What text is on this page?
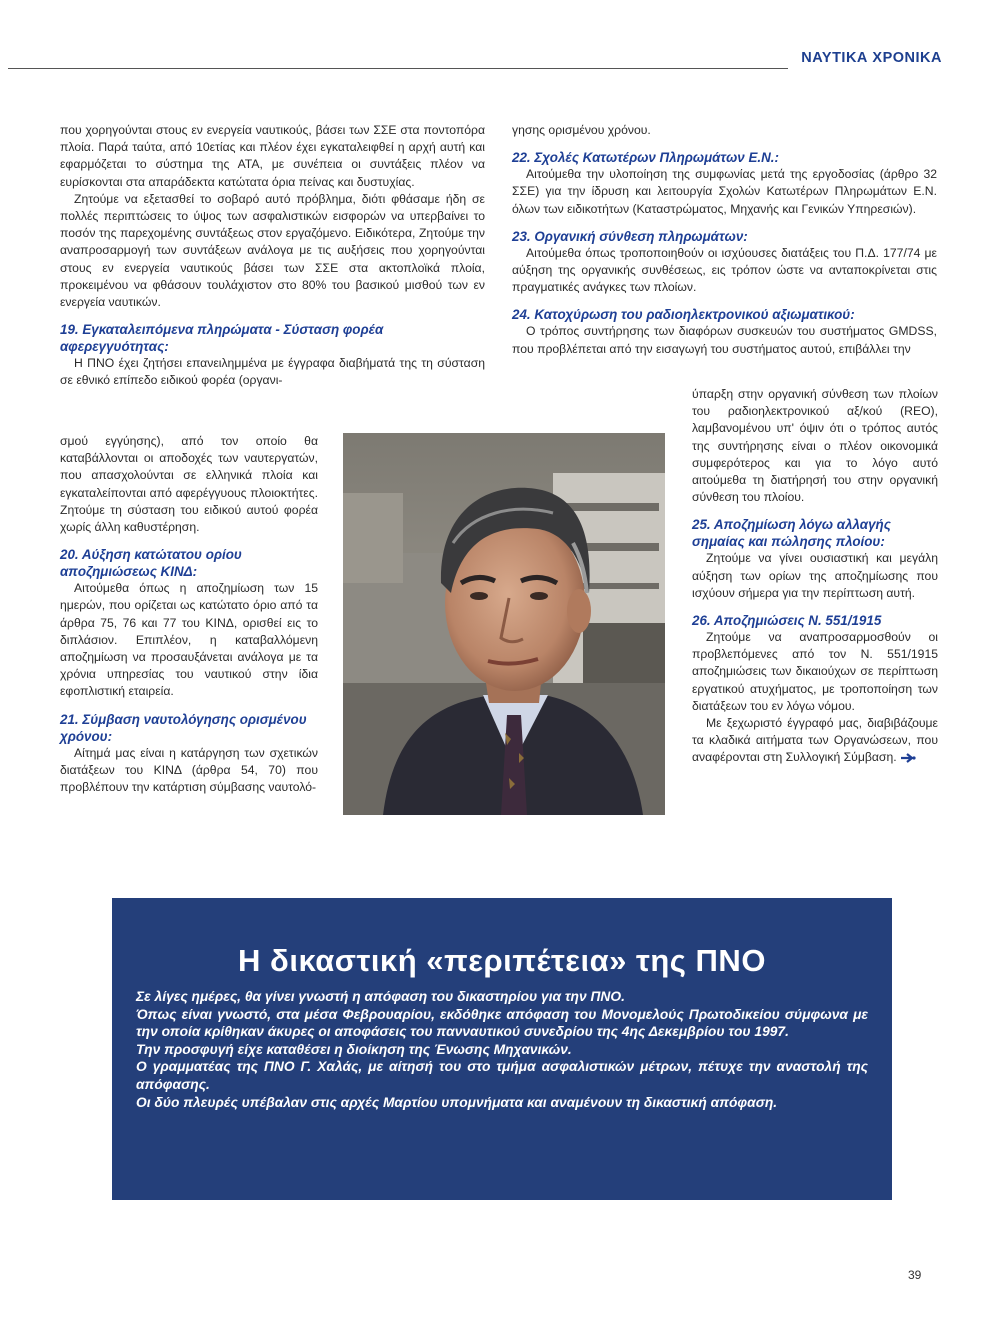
ΝΑΥΤΙΚΑ ΧΡΟΝΙΚΑ

που χορηγούνται στους εν ενεργεία ναυτικούς, βάσει των ΣΣΕ στα ποντοπόρα πλοία. Παρά ταύτα, από 10ετίας και πλέον έχει εγκαταλειφθεί η αρχή αυτή και εφαρμόζεται το σύστημα της ΑΤΑ, με συνέπεια οι συντάξεις πλέον να ευρίσκονται στα απαράδεκτα κατώτατα όρια πείνας και δυστυχίας.

Ζητούμε να εξετασθεί το σοβαρό αυτό πρόβλημα, διότι φθάσαμε ήδη σε πολλές περιπτώσεις το ύψος των ασφαλιστικών εισφορών να υπερβαίνει το ποσόν της παρεχομένης συντάξεως στον εργαζόμενο. Ειδικότερα, Ζητούμε την αναπροσαρμογή των συντάξεων ανάλογα με τις αυξήσεις που χορηγούνται στους εν ενεργεία ναυτικούς βάσει των ΣΣΕ στα ακτοπλοϊκά πλοία, προκειμένου να φθάσουν τουλάχιστον στο 80% του βασικού μισθού των εν ενεργεία ναυτικών.

19. Εγκαταλειπόμενα πληρώματα - Σύσταση φορέα αφερεγγυότητας:

Η ΠΝΟ έχει ζητήσει επανειλημμένα με έγγραφα διαβήματά της τη σύσταση σε εθνικό επίπεδο ειδικού φορέα (οργανι-

σμού εγγύησης), από τον οποίο θα καταβάλλονται οι αποδοχές των ναυτεργατών, που απασχολούνται σε ελληνικά πλοία και εγκαταλείπονται από αφερέγγυους πλοιοκτήτες. Ζητούμε τη σύσταση του ειδικού αυτού φορέα χωρίς άλλη καθυστέρηση.

20. Αύξηση κατώτατου ορίου αποζημιώσεως ΚΙΝΔ:

Αιτούμεθα όπως η αποζημίωση των 15 ημερών, που ορίζεται ως κατώτατο όριο από τα άρθρα 75, 76 και 77 του ΚΙΝΔ, ορισθεί εις το διπλάσιον. Επιπλέον, η καταβαλλόμενη αποζημίωση να προσαυξάνεται ανάλογα με τα χρόνια υπηρεσίας του ναυτικού στην ίδια εφοπλιστική εταιρεία.

21. Σύμβαση ναυτολόγησης ορισμένου χρόνου:

Αίτημά μας είναι η κατάργηση των σχετικών διατάξεων του ΚΙΝΔ (άρθρα 54, 70) που προβλέπουν την κατάρτιση σύμβασης ναυτολό-

γησης ορισμένου χρόνου.

22. Σχολές Κατωτέρων Πληρωμάτων Ε.Ν.:

Αιτούμεθα την υλοποίηση της συμφωνίας μετά της εργοδοσίας (άρθρο 32 ΣΣΕ) για την ίδρυση και λειτουργία Σχολών Κατωτέρων Πληρωμάτων Ε.Ν. όλων των ειδικοτήτων (Καταστρώματος, Μηχανής και Γενικών Υπηρεσιών).

23. Οργανική σύνθεση πληρωμάτων:

Αιτούμεθα όπως τροποποιηθούν οι ισχύουσες διατάξεις του Π.Δ. 177/74 με αύξηση της οργανικής συνθέσεως, εις τρόπον ώστε να ανταποκρίνεται στις πραγματικές ανάγκες των πλοίων.

24. Κατοχύρωση του ραδιοηλεκτρονικού αξιωματικού:

Ο τρόπος συντήρησης των διαφόρων συσκευών του συστήματος GMDSS, που προβλέπεται από την εισαγωγή του συστήματος αυτού, επιβάλλει την

ύπαρξη στην οργανική σύνθεση των πλοίων του ραδιοηλεκτρονικού αξ/κού (REO), λαμβανομένου υπ' όψιν ότι ο τρόπος αυτός της συντήρησης είναι ο πλέον οικονομικά συμφερότερος και για το λόγο αυτό αιτούμεθα τη διατήρησή του στην οργανική σύνθεση του πλοίου.

25. Αποζημίωση λόγω αλλαγής σημαίας και πώλησης πλοίου:

Ζητούμε να γίνει ουσιαστική και μεγάλη αύξηση των ορίων της αποζημίωσης που ισχύουν σήμερα για την περίπτωση αυτή.

26. Αποζημιώσεις Ν. 551/1915

Ζητούμε να αναπροσαρμοσθούν οι προβλεπόμενες από τον Ν. 551/1915 αποζημιώσεις των δικαιούχων σε περίπτωση εργατικού ατυχήματος, με τροποποίηση των διατάξεων του εν λόγω νόμου.

Με ξεχωριστό έγγραφό μας, διαβιβάζουμε τα κλαδικά αιτήματα των Οργανώσεων, που αναφέρονται στη Συλλογική Σύμβαση.

Η δικαστική «περιπέτεια» της ΠΝΟ
Σε λίγες ημέρες, θα γίνει γνωστή η απόφαση του δικαστηρίου για την ΠΝΟ.
Όπως είναι γνωστό, στα μέσα Φεβρουαρίου, εκδόθηκε απόφαση του Μονομελούς Πρωτοδικείου σύμφωνα με την οποία κρίθηκαν άκυρες οι αποφάσεις του πανναυτικού συνεδρίου της 4ης Δεκεμβρίου του 1997.
Την προσφυγή είχε καταθέσει η διοίκηση της Ένωσης Μηχανικών.
Ο γραμματέας της ΠΝΟ Γ. Χαλάς, με αίτησή του στο τμήμα ασφαλιστικών μέτρων, πέτυχε την αναστολή της απόφασης.
Οι δύο πλευρές υπέβαλαν στις αρχές Μαρτίου υπομνήματα και αναμένουν τη δικαστική απόφαση.
39
